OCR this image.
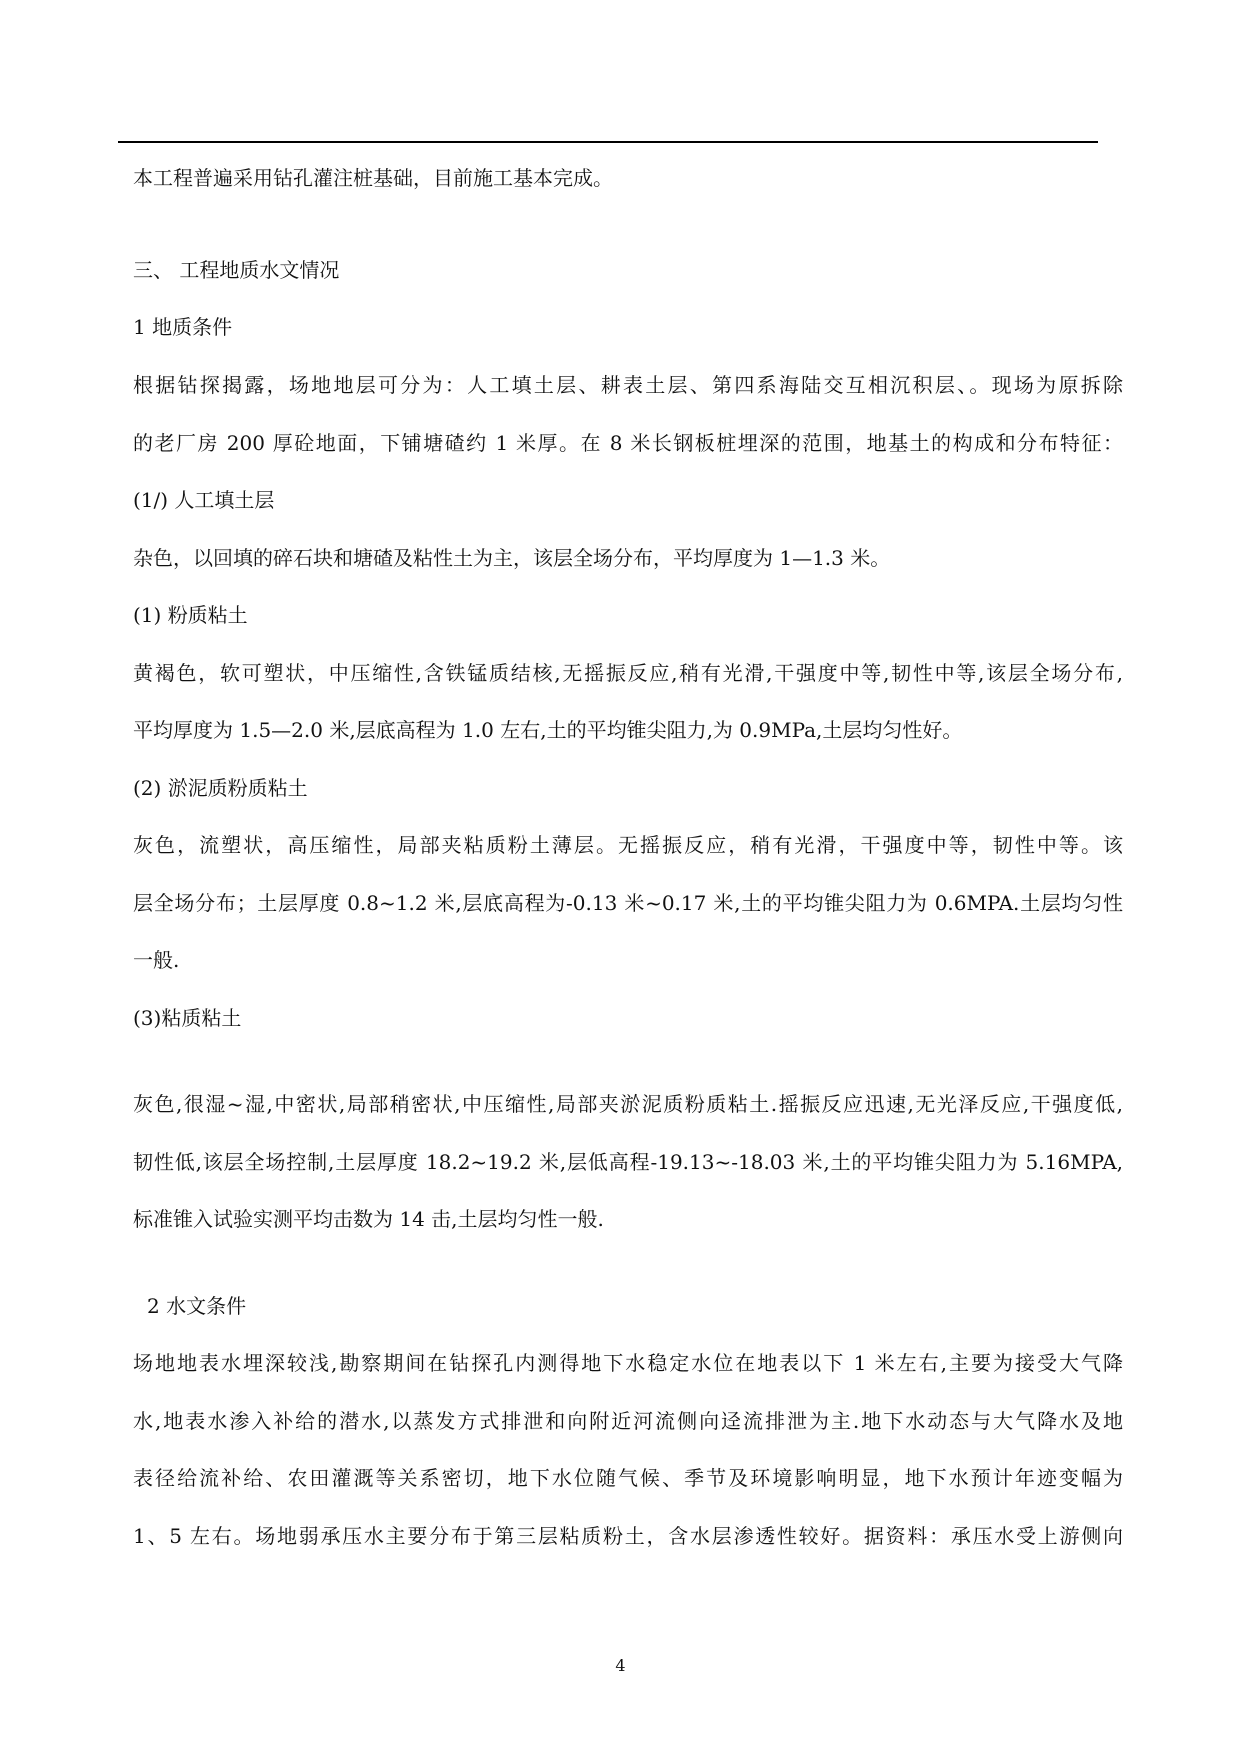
本工程普遍采用钻孔灌注桩基础，目前施工基本完成。
三、 工程地质水文情况
1 地质条件
根据钻探揭露，场地地层可分为：人工填土层、耕表土层、第四系海陆交互相沉积层、。现场为原拆除
的老厂房 200 厚砼地面，下铺塘碴约 1 米厚。在 8 米长钢板桩埋深的范围，地基土的构成和分布特征：
(1/) 人工填土层
杂色，以回填的碎石块和塘碴及粘性土为主，该层全场分布，平均厚度为 1—1.3 米。
(1) 粉质粘土
黄褐色，软可塑状，中压缩性,含铁锰质结核,无摇振反应,稍有光滑,干强度中等,韧性中等,该层全场分布,
平均厚度为 1.5—2.0 米,层底高程为 1.0 左右,土的平均锥尖阻力,为 0.9MPa,土层均匀性好。
(2) 淤泥质粉质粘土
灰色，流塑状，高压缩性，局部夹粘质粉土薄层。无摇振反应，稍有光滑，干强度中等，韧性中等。该
层全场分布；土层厚度 0.8~1.2 米,层底高程为-0.13 米~0.17 米,土的平均锥尖阻力为 0.6MPA.土层均匀性
一般.
(3)粘质粘土
灰色,很湿~湿,中密状,局部稍密状,中压缩性,局部夹淤泥质粉质粘土.摇振反应迅速,无光泽反应,干强度低,
韧性低,该层全场控制,土层厚度 18.2~19.2 米,层低高程-19.13~-18.03 米,土的平均锥尖阻力为 5.16MPA,
标准锥入试验实测平均击数为 14 击,土层均匀性一般.
2 水文条件
场地地表水埋深较浅,勘察期间在钻探孔内测得地下水稳定水位在地表以下 1 米左右,主要为接受大气降
水,地表水渗入补给的潜水,以蒸发方式排泄和向附近河流侧向迳流排泄为主.地下水动态与大气降水及地
表径给流补给、农田灌溉等关系密切，地下水位随气候、季节及环境影响明显，地下水预计年迹变幅为
1、5 左右。场地弱承压水主要分布于第三层粘质粉土，含水层渗透性较好。据资料：承压水受上游侧向
4
